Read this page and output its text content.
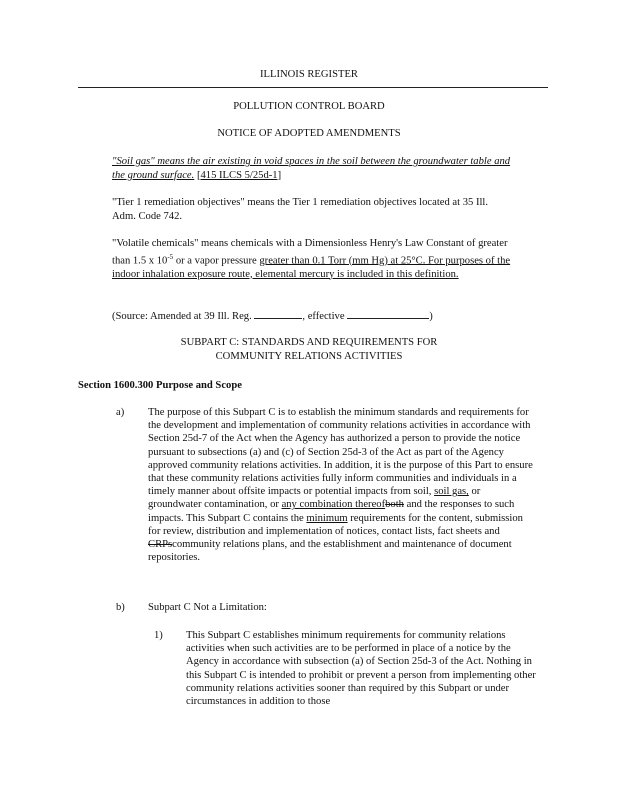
ILLINOIS REGISTER
POLLUTION CONTROL BOARD
NOTICE OF ADOPTED AMENDMENTS
"Soil gas" means the air existing in void spaces in the soil between the groundwater table and the ground surface. [415 ILCS 5/25d-1]
"Tier 1 remediation objectives" means the Tier 1 remediation objectives located at 35 Ill. Adm. Code 742.
"Volatile chemicals" means chemicals with a Dimensionless Henry's Law Constant of greater than 1.5 x $10^{-5}$ or a vapor pressure greater than 0.1 Torr (mm Hg) at 25°C. For purposes of the indoor inhalation exposure route, elemental mercury is included in this definition.
(Source: Amended at 39 Ill. Reg.	, effective	)
SUBPART C: STANDARDS AND REQUIREMENTS FOR
COMMUNITY RELATIONS ACTIVITIES
Section 1600.300 Purpose and Scope
a) The purpose of this Subpart C is to establish the minimum standards and requirements for the development and implementation of community relations activities in accordance with Section 25d-7 of the Act when the Agency has authorized a person to provide the notice pursuant to subsections (a) and (c) of Section 25d-3 of the Act as part of the Agency approved community relations activities. In addition, it is the purpose of this Part to ensure that these community relations activities fully inform communities and individuals in a timely manner about offsite impacts or potential impacts from soil, soil gas, or groundwater contamination, or any combination thereofboth and the responses to such impacts. This Subpart C contains the minimum requirements for the content, submission for review, distribution and implementation of notices, contact lists, fact sheets and CRPscommunity relations plans, and the establishment and maintenance of document repositories.
b) Subpart C Not a Limitation:
1) This Subpart C establishes minimum requirements for community relations activities when such activities are to be performed in place of a notice by the Agency in accordance with subsection (a) of Section 25d-3 of the Act. Nothing in this Subpart C is intended to prohibit or prevent a person from implementing other community relations activities sooner than required by this Subpart or under circumstances in addition to those
